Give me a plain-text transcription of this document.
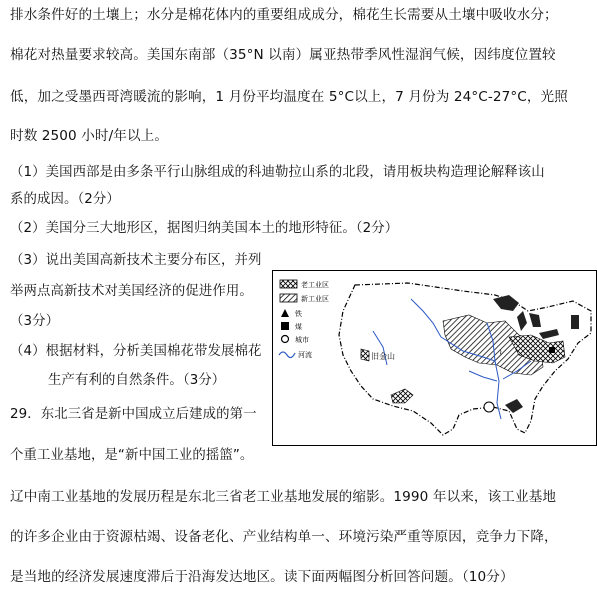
排水条件好的土壤上；水分是棉花体内的重要组成成分，棉花生长需要从土壤中吸收水分；
棉花对热量要求较高。美国东南部（35°N 以南）属亚热带季风性湿润气候，因纬度位置较
低，加之受墨西哥湾暖流的影响，1 月份平均温度在 5°C以上，7 月份为 24°C-27°C，光照
时数 2500 小时/年以上。
（1）美国西部是由多条平行山脉组成的科迪勒拉山系的北段，请用板块构造理论解释该山
系的成因。（2分）
（2）美国分三大地形区，据图归纳美国本土的地形特征。（2分）
（3）说出美国高新技术主要分布区，并列
举两点高新技术对美国经济的促进作用。
（3分）
（4）根据材料，分析美国棉花带发展棉花
生产有利的自然条件。（3分）
29．东北三省是新中国成立后建成的第一
个重工业基地，是“新中国工业的摇篮”。
辽中南工业基地的发展历程是东北三省老工业基地发展的缩影。1990 年以来，该工业基地
的许多企业由于资源枯竭、设备老化、产业结构单一、环境污染严重等原因，竞争力下降，
是当地的经济发展速度滞后于沿海发达地区。读下面两幅图分析回答问题。（10分）
老工业区
新工业区
铁
煤
城市
河流	⌇
旧金山
